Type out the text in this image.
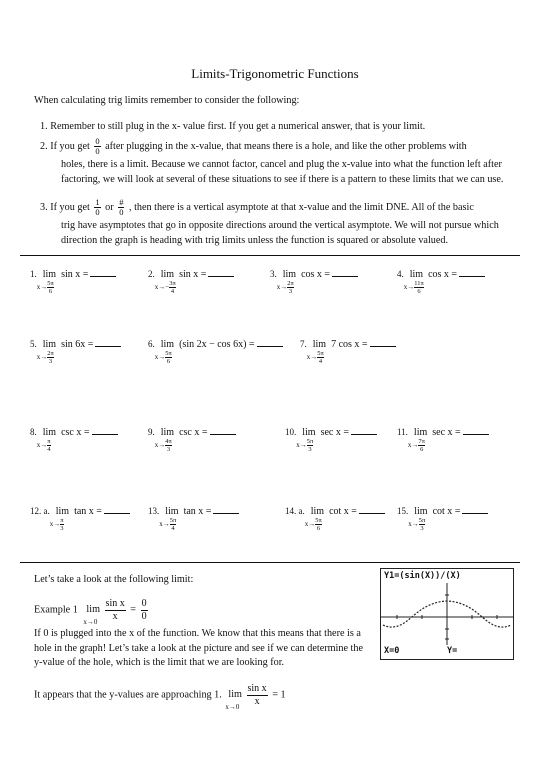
Limits-Trigonometric Functions
When calculating trig limits remember to consider the following:
1. Remember to still plug in the x- value first. If you get a numerical answer, that is your limit.
2. If you get $\frac{0}{0}$ after plugging in the x-value, that means there is a hole, and like the other problems with
holes, there is a limit. Because we cannot factor, cancel and plug the x-value into what the function left after factoring, we will look at several of these situations to see if there is a pattern to these limits that we can use.
3. If you get $\frac{1}{0}$ or $\frac{\#}{0}$ , then there is a vertical asymptote at that x-value and the limit DNE. All of the basic
trig have asymptotes that go in opposite directions around the vertical asymptote. We will not pursue which direction the graph is heading with trig limits unless the function is squared or absolute valued.
1. lim
$x\to \frac{5\pi}{6}$
sin x =	2. lim
$x\to- \frac{3\pi}{4}$
sin x =	3. lim
$x\to \frac{2\pi}{3}$
cos x =	4. lim
$x\to \frac{11\pi}{6}$
cos x =
5. lim
$x\to \frac{2\pi}{3}$
sin 6x =	6. lim
$x\to \frac{5\pi}{6}$
(sin 2x − cos 6x) =	7. lim
$x\to \frac{5\pi}{4}$
7 cos x =
8. lim
$x\to \frac{\pi}{4}$
csc x =	9. lim
$x\to \frac{4\pi}{3}$
csc x =	10. lim
$x\to \frac{5\pi}{3}$
sec x =	11. lim
$x\to \frac{7\pi}{6}$
sec x =
12. a. lim
$x\to \frac{\pi}{3}$
tan x =	13. lim
$x\to \frac{5\pi}{4}$
tan x =	14. a. lim
$x\to \frac{5\pi}{6}$
cot x =	15. lim
$x\to \frac{5\pi}{3}$
cot x =
Let’s take a look at the following limit:
Example 1 lim
x→0
$\frac{\text{sin x}}{x} = \frac{0}{0}$
If 0 is plugged into the x of the function. We know that this means that there is a hole in the graph! Let’s take a look at the picture and see if we can determine the y-value of the hole, which is the limit that we are looking for.
It appears that the y-values are approaching 1. lim
x→0
$\frac{\text{sin x}}{x} = 1$
Y1=(sin(X))/(X)
X=0	Y=
